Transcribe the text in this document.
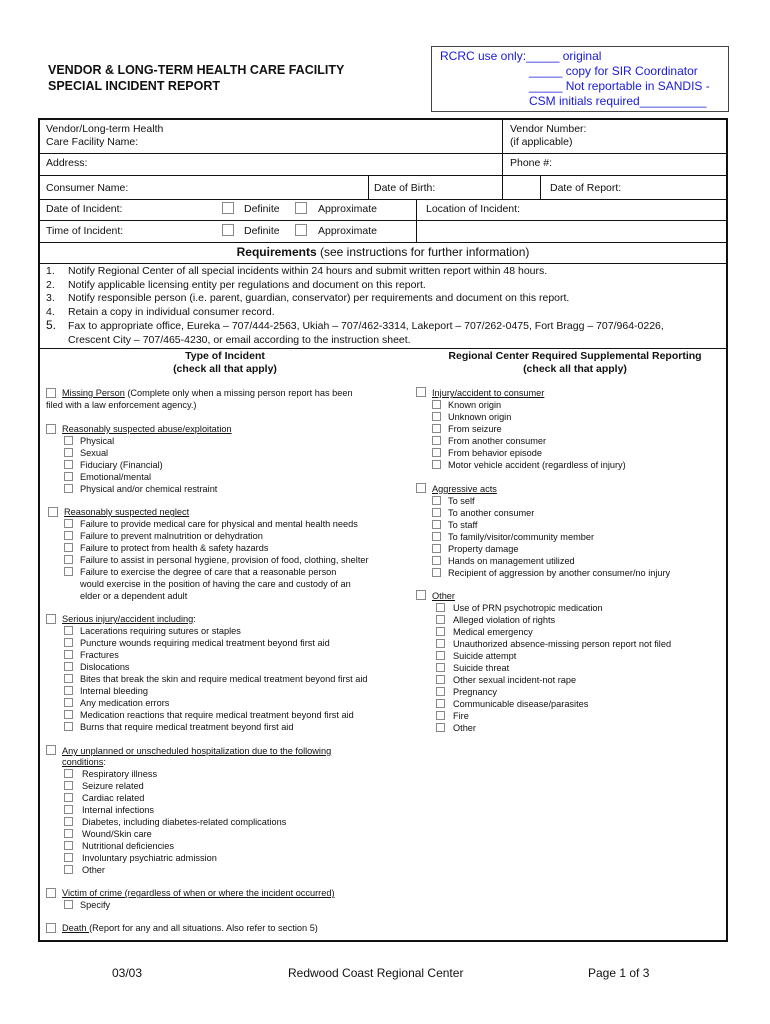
VENDOR & LONG-TERM HEALTH CARE FACILITY
SPECIAL INCIDENT REPORT
RCRC use only:_____ original
_____ copy for SIR Coordinator
_____ Not reportable in SANDIS -
CSM initials required__________
Vendor/Long-term Health
Care Facility Name:
Vendor Number:
(if applicable)
Address:	Phone #:
Consumer Name:	Date of Birth:	Date of Report:
Date of Incident:	Definite	Approximate	Location of Incident:
Time of Incident:	Definite	Approximate
Requirements (see instructions for further information)
1. Notify Regional Center of all special incidents within 24 hours and submit written report within 48 hours.
2. Notify applicable licensing entity per regulations and document on this report.
3. Notify responsible person (i.e. parent, guardian, conservator) per requirements and document on this report.
4. Retain a copy in individual consumer record.
5. Fax to appropriate office, Eureka – 707/444-2563, Ukiah – 707/462-3314, Lakeport – 707/262-0475, Fort Bragg – 707/964-0226,
Crescent City – 707/465-4230, or email according to the instruction sheet.
Type of Incident
(check all that apply)
Regional Center Required Supplemental Reporting
(check all that apply)
Missing Person (Complete only when a missing person report has been
filed with a law enforcement agency.)
Reasonably suspected abuse/exploitation
Physical
Sexual
Fiduciary (Financial)
Emotional/mental
Physical and/or chemical restraint
Reasonably suspected neglect
Failure to provide medical care for physical and mental health needs
Failure to prevent malnutrition or dehydration
Failure to protect from health & safety hazards
Failure to assist in personal hygiene, provision of food, clothing, shelter
Failure to exercise the degree of care that a reasonable person
would exercise in the position of having the care and custody of an
elder or a dependent adult
Serious injury/accident including:
Lacerations requiring sutures or staples
Puncture wounds requiring medical treatment beyond first aid
Fractures
Dislocations
Bites that break the skin and require medical treatment beyond first aid
Internal bleeding
Any medication errors
Medication reactions that require medical treatment beyond first aid
Burns that require medical treatment beyond first aid
Any unplanned or unscheduled hospitalization due to the following
conditions:
Respiratory illness
Seizure related
Cardiac related
Internal infections
Diabetes, including diabetes-related complications
Wound/Skin care
Nutritional deficiencies
Involuntary psychiatric admission
Other
Victim of crime (regardless of when or where the incident occurred)
Specify
Death (Report for any and all situations. Also refer to section 5)
Injury/accident to consumer
Known origin
Unknown origin
From seizure
From another consumer
From behavior episode
Motor vehicle accident (regardless of injury)
Aggressive acts
To self
To another consumer
To staff
To family/visitor/community member
Property damage
Hands on management utilized
Recipient of aggression by another consumer/no injury
Other
Use of PRN psychotropic medication
Alleged violation of rights
Medical emergency
Unauthorized absence-missing person report not filed
Suicide attempt
Suicide threat
Other sexual incident-not rape
Pregnancy
Communicable disease/parasites
Fire
Other
03/03	Redwood Coast Regional Center	Page 1 of 3
